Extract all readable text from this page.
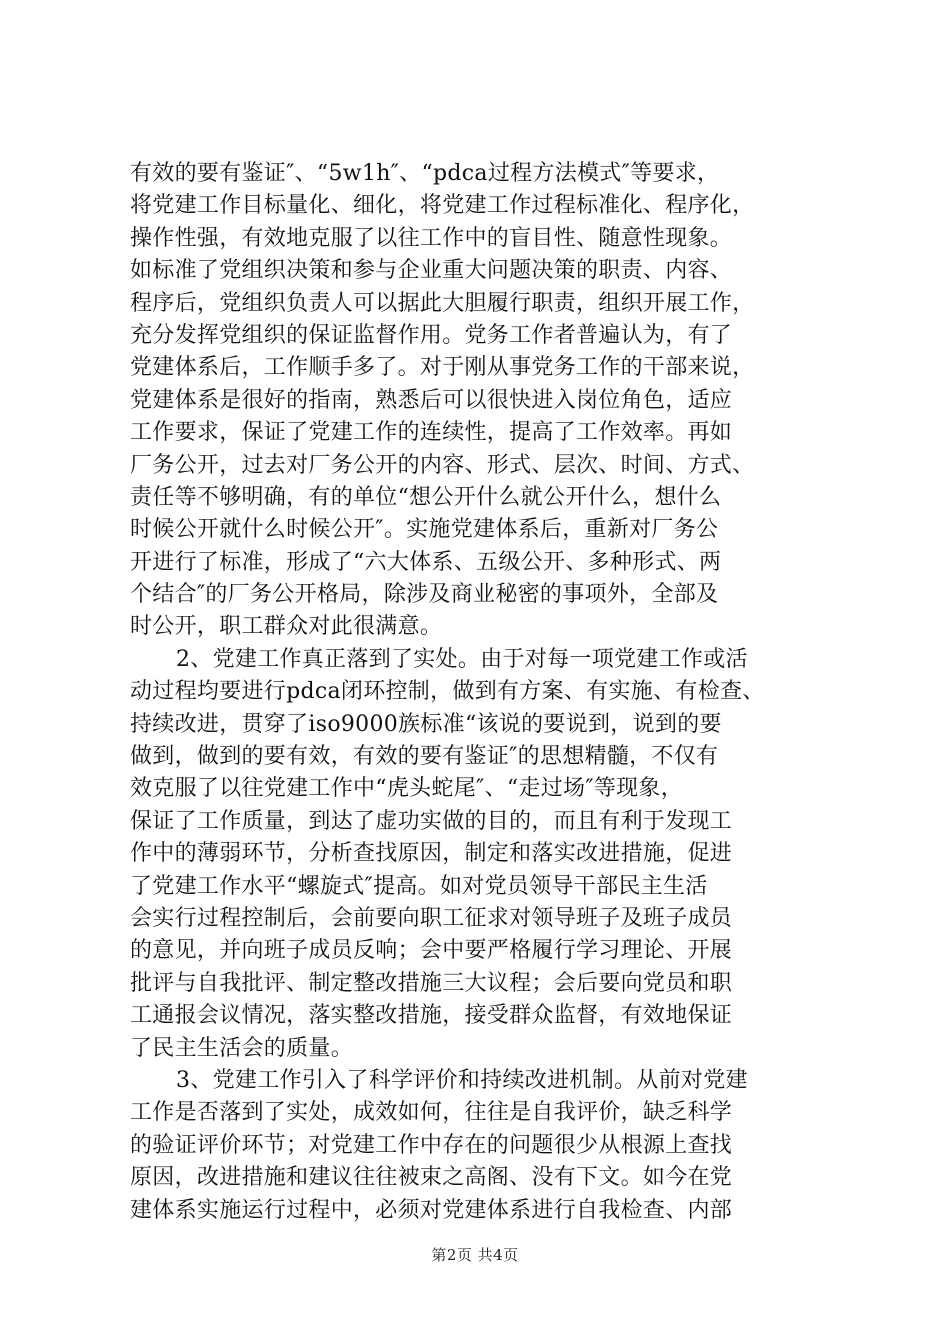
有效的要有鉴证″、“5w1h″、“pdca过程方法模式″等要求，
将党建工作目标量化、细化，将党建工作过程标准化、程序化，
操作性强，有效地克服了以往工作中的盲目性、随意性现象。
如标准了党组织决策和参与企业重大问题决策的职责、内容、
程序后，党组织负责人可以据此大胆履行职责，组织开展工作，
充分发挥党组织的保证监督作用。党务工作者普遍认为，有了
党建体系后，工作顺手多了。对于刚从事党务工作的干部来说，
党建体系是很好的指南，熟悉后可以很快进入岗位角色，适应
工作要求，保证了党建工作的连续性，提高了工作效率。再如
厂务公开，过去对厂务公开的内容、形式、层次、时间、方式、
责任等不够明确，有的单位“想公开什么就公开什么，想什么
时候公开就什么时候公开″。实施党建体系后，重新对厂务公
开进行了标准，形成了“六大体系、五级公开、多种形式、两
个结合″的厂务公开格局，除涉及商业秘密的事项外，全部及
时公开，职工群众对此很满意。
2、党建工作真正落到了实处。由于对每一项党建工作或活
动过程均要进行pdca闭环控制，做到有方案、有实施、有检查、
持续改进，贯穿了iso9000族标准“该说的要说到，说到的要
做到，做到的要有效，有效的要有鉴证″的思想精髓，不仅有
效克服了以往党建工作中“虎头蛇尾″、“走过场″等现象，
保证了工作质量，到达了虚功实做的目的，而且有利于发现工
作中的薄弱环节，分析查找原因，制定和落实改进措施，促进
了党建工作水平“螺旋式″提高。如对党员领导干部民主生活
会实行过程控制后，会前要向职工征求对领导班子及班子成员
的意见，并向班子成员反响；会中要严格履行学习理论、开展
批评与自我批评、制定整改措施三大议程；会后要向党员和职
工通报会议情况，落实整改措施，接受群众监督，有效地保证
了民主生活会的质量。
3、党建工作引入了科学评价和持续改进机制。从前对党建
工作是否落到了实处，成效如何，往往是自我评价，缺乏科学
的验证评价环节；对党建工作中存在的问题很少从根源上查找
原因，改进措施和建议往往被束之高阁、没有下文。如今在党
建体系实施运行过程中，必须对党建体系进行自我检查、内部
第2页 共4页
